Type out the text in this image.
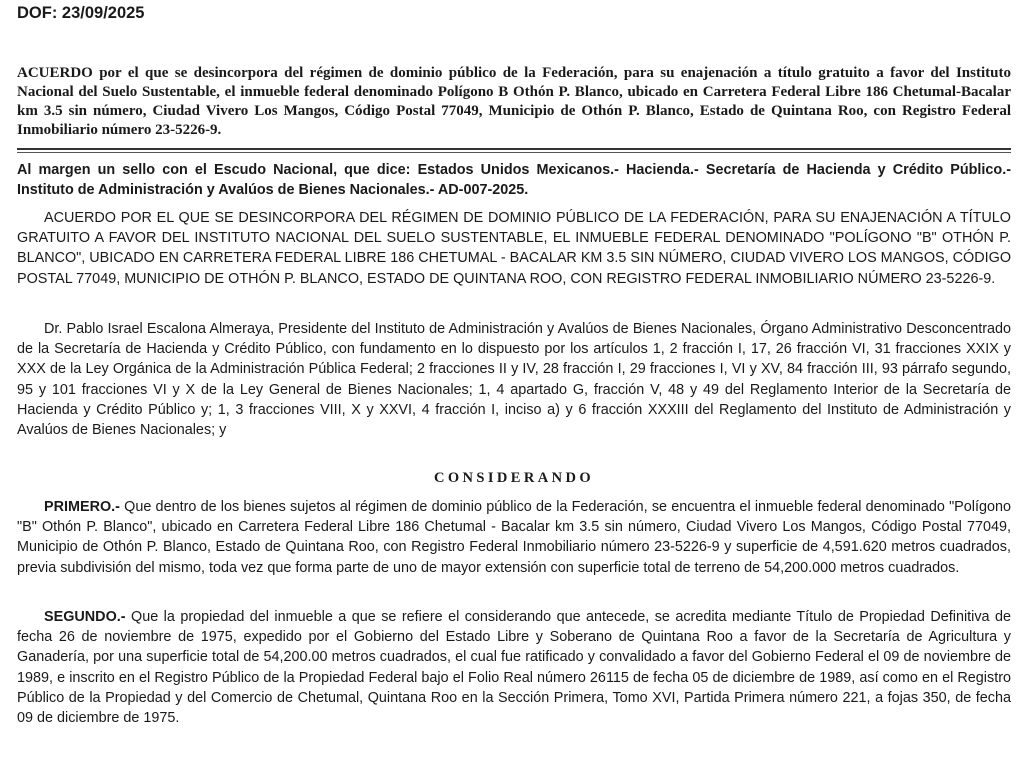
DOF: 23/09/2025

ACUERDO por el que se desincorpora del régimen de dominio público de la Federación, para su enajenación a título gratuito a favor del Instituto Nacional del Suelo Sustentable, el inmueble federal denominado Polígono B Othón P. Blanco, ubicado en Carretera Federal Libre 186 Chetumal-Bacalar km 3.5 sin número, Ciudad Vivero Los Mangos, Código Postal 77049, Municipio de Othón P. Blanco, Estado de Quintana Roo, con Registro Federal Inmobiliario número 23-5226-9.

Al margen un sello con el Escudo Nacional, que dice: Estados Unidos Mexicanos.- Hacienda.- Secretaría de Hacienda y Crédito Público.- Instituto de Administración y Avalúos de Bienes Nacionales.- AD-007-2025.

ACUERDO POR EL QUE SE DESINCORPORA DEL RÉGIMEN DE DOMINIO PÚBLICO DE LA FEDERACIÓN, PARA SU ENAJENACIÓN A TÍTULO GRATUITO A FAVOR DEL INSTITUTO NACIONAL DEL SUELO SUSTENTABLE, EL INMUEBLE FEDERAL DENOMINADO "POLÍGONO "B" OTHÓN P. BLANCO", UBICADO EN CARRETERA FEDERAL LIBRE 186 CHETUMAL - BACALAR KM 3.5 SIN NÚMERO, CIUDAD VIVERO LOS MANGOS, CÓDIGO POSTAL 77049, MUNICIPIO DE OTHÓN P. BLANCO, ESTADO DE QUINTANA ROO, CON REGISTRO FEDERAL INMOBILIARIO NÚMERO 23-5226-9.

Dr. Pablo Israel Escalona Almeraya, Presidente del Instituto de Administración y Avalúos de Bienes Nacionales, Órgano Administrativo Desconcentrado de la Secretaría de Hacienda y Crédito Público, con fundamento en lo dispuesto por los artículos 1, 2 fracción I, 17, 26 fracción VI, 31 fracciones XXIX y XXX de la Ley Orgánica de la Administración Pública Federal; 2 fracciones II y IV, 28 fracción I, 29 fracciones I, VI y XV, 84 fracción III, 93 párrafo segundo, 95 y 101 fracciones VI y X de la Ley General de Bienes Nacionales; 1, 4 apartado G, fracción V, 48 y 49 del Reglamento Interior de la Secretaría de Hacienda y Crédito Público y; 1, 3 fracciones VIII, X y XXVI, 4 fracción I, inciso a) y 6 fracción XXXIII del Reglamento del Instituto de Administración y Avalúos de Bienes Nacionales; y

CONSIDERANDO

PRIMERO.- Que dentro de los bienes sujetos al régimen de dominio público de la Federación, se encuentra el inmueble federal denominado "Polígono "B" Othón P. Blanco", ubicado en Carretera Federal Libre 186 Chetumal - Bacalar km 3.5 sin número, Ciudad Vivero Los Mangos, Código Postal 77049, Municipio de Othón P. Blanco, Estado de Quintana Roo, con Registro Federal Inmobiliario número 23-5226-9 y superficie de 4,591.620 metros cuadrados, previa subdivisión del mismo, toda vez que forma parte de uno de mayor extensión con superficie total de terreno de 54,200.000 metros cuadrados.

SEGUNDO.- Que la propiedad del inmueble a que se refiere el considerando que antecede, se acredita mediante Título de Propiedad Definitiva de fecha 26 de noviembre de 1975, expedido por el Gobierno del Estado Libre y Soberano de Quintana Roo a favor de la Secretaría de Agricultura y Ganadería, por una superficie total de 54,200.00 metros cuadrados, el cual fue ratificado y convalidado a favor del Gobierno Federal el 09 de noviembre de 1989, e inscrito en el Registro Público de la Propiedad Federal bajo el Folio Real número 26115 de fecha 05 de diciembre de 1989, así como en el Registro Público de la Propiedad y del Comercio de Chetumal, Quintana Roo en la Sección Primera, Tomo XVI, Partida Primera número 221, a fojas 350, de fecha 09 de diciembre de 1975.
